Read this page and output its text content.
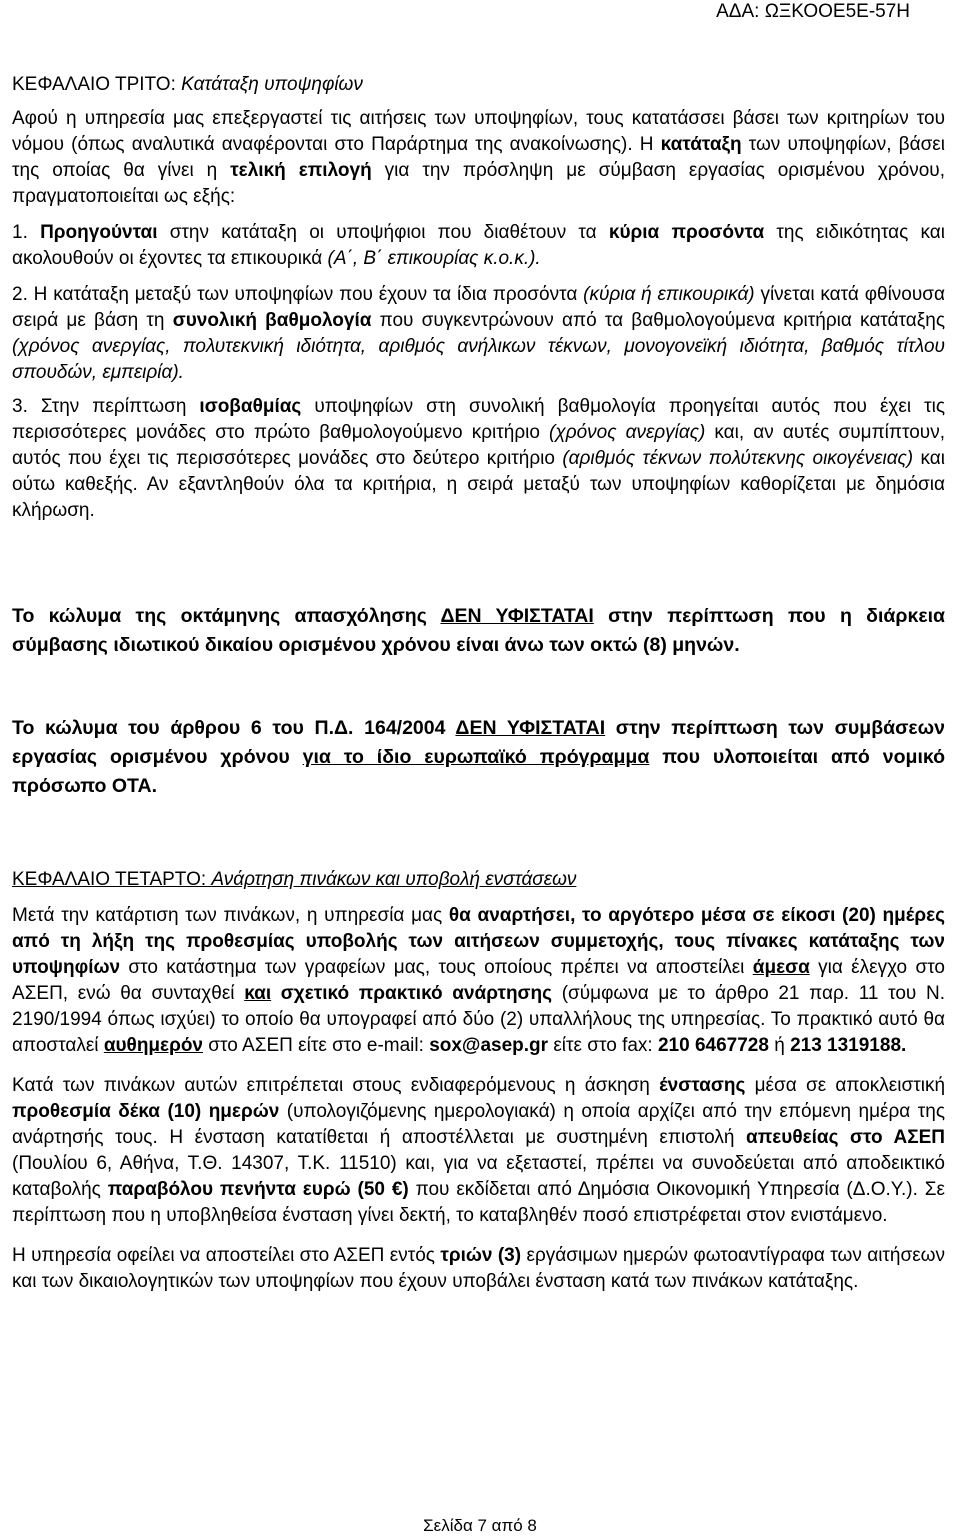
ΑΔΑ: ΩΞΚΟΟΕ5Ε-57Η

ΚΕΦΑΛΑΙΟ ΤΡΙΤΟ: Κατάταξη υποψηφίων

Αφού η υπηρεσία μας επεξεργαστεί τις αιτήσεις των υποψηφίων, τους κατατάσσει βάσει των κριτηρίων του νόμου (όπως αναλυτικά αναφέρονται στο Παράρτημα της ανακοίνωσης). Η κατάταξη των υποψηφίων, βάσει της οποίας θα γίνει η τελική επιλογή για την πρόσληψη με σύμβαση εργασίας ορισμένου χρόνου, πραγματοποιείται ως εξής:

1. Προηγούνται στην κατάταξη οι υποψήφιοι που διαθέτουν τα κύρια προσόντα της ειδικότητας και ακολουθούν οι έχοντες τα επικουρικά (Α΄, Β΄ επικουρίας κ.ο.κ.).

2. Η κατάταξη μεταξύ των υποψηφίων που έχουν τα ίδια προσόντα (κύρια ή επικουρικά) γίνεται κατά φθίνουσα σειρά με βάση τη συνολική βαθμολογία που συγκεντρώνουν από τα βαθμολογούμενα κριτήρια κατάταξης (χρόνος ανεργίας, πολυτεκνική ιδιότητα, αριθμός ανήλικων τέκνων, μονογονεϊκή ιδιότητα, βαθμός τίτλου σπουδών, εμπειρία).

3. Στην περίπτωση ισοβαθμίας υποψηφίων στη συνολική βαθμολογία προηγείται αυτός που έχει τις περισσότερες μονάδες στο πρώτο βαθμολογούμενο κριτήριο (χρόνος ανεργίας) και, αν αυτές συμπίπτουν, αυτός που έχει τις περισσότερες μονάδες στο δεύτερο κριτήριο (αριθμός τέκνων πολύτεκνης οικογένειας) και ούτω καθεξής. Αν εξαντληθούν όλα τα κριτήρια, η σειρά μεταξύ των υποψηφίων καθορίζεται με δημόσια κλήρωση.

Το κώλυμα της οκτάμηνης απασχόλησης ΔΕΝ ΥΦΙΣΤΑΤΑΙ στην περίπτωση που η διάρκεια σύμβασης ιδιωτικού δικαίου ορισμένου χρόνου είναι άνω των οκτώ (8) μηνών.

Το κώλυμα του άρθρου 6 του Π.Δ. 164/2004 ΔΕΝ ΥΦΙΣΤΑΤΑΙ στην περίπτωση των συμβάσεων εργασίας ορισμένου χρόνου για το ίδιο ευρωπαϊκό πρόγραμμα που υλοποιείται από νομικό πρόσωπο ΟΤΑ.

ΚΕΦΑΛΑΙΟ ΤΕΤΑΡΤΟ: Ανάρτηση πινάκων και υποβολή ενστάσεων

Μετά την κατάρτιση των πινάκων, η υπηρεσία μας θα αναρτήσει, το αργότερο μέσα σε είκοσι (20) ημέρες από τη λήξη της προθεσμίας υποβολής των αιτήσεων συμμετοχής, τους πίνακες κατάταξης των υποψηφίων στο κατάστημα των γραφείων μας, τους οποίους πρέπει να αποστείλει άμεσα για έλεγχο στο ΑΣΕΠ, ενώ θα συνταχθεί και σχετικό πρακτικό ανάρτησης (σύμφωνα με το άρθρο 21 παρ. 11 του Ν. 2190/1994 όπως ισχύει) το οποίο θα υπογραφεί από δύο (2) υπαλλήλους της υπηρεσίας. Το πρακτικό αυτό θα αποσταλεί αυθημερόν στο ΑΣΕΠ είτε στο e-mail: sox@asep.gr είτε στο fax: 210 6467728 ή 213 1319188.

Κατά των πινάκων αυτών επιτρέπεται στους ενδιαφερόμενους η άσκηση ένστασης μέσα σε αποκλειστική προθεσμία δέκα (10) ημερών (υπολογιζόμενης ημερολογιακά) η οποία αρχίζει από την επόμενη ημέρα της ανάρτησής τους. Η ένσταση κατατίθεται ή αποστέλλεται με συστημένη επιστολή απευθείας στο ΑΣΕΠ (Πουλίου 6, Αθήνα, Τ.Θ. 14307, Τ.Κ. 11510) και, για να εξεταστεί, πρέπει να συνοδεύεται από αποδεικτικό καταβολής παραβόλου πενήντα ευρώ (50 €) που εκδίδεται από Δημόσια Οικονομική Υπηρεσία (Δ.Ο.Υ.). Σε περίπτωση που η υποβληθείσα ένσταση γίνει δεκτή, το καταβληθέν ποσό επιστρέφεται στον ενιστάμενο.

Η υπηρεσία οφείλει να αποστείλει στο ΑΣΕΠ εντός τριών (3) εργάσιμων ημερών φωτοαντίγραφα των αιτήσεων και των δικαιολογητικών των υποψηφίων που έχουν υποβάλει ένσταση κατά των πινάκων κατάταξης.

Σελίδα 7 από 8
